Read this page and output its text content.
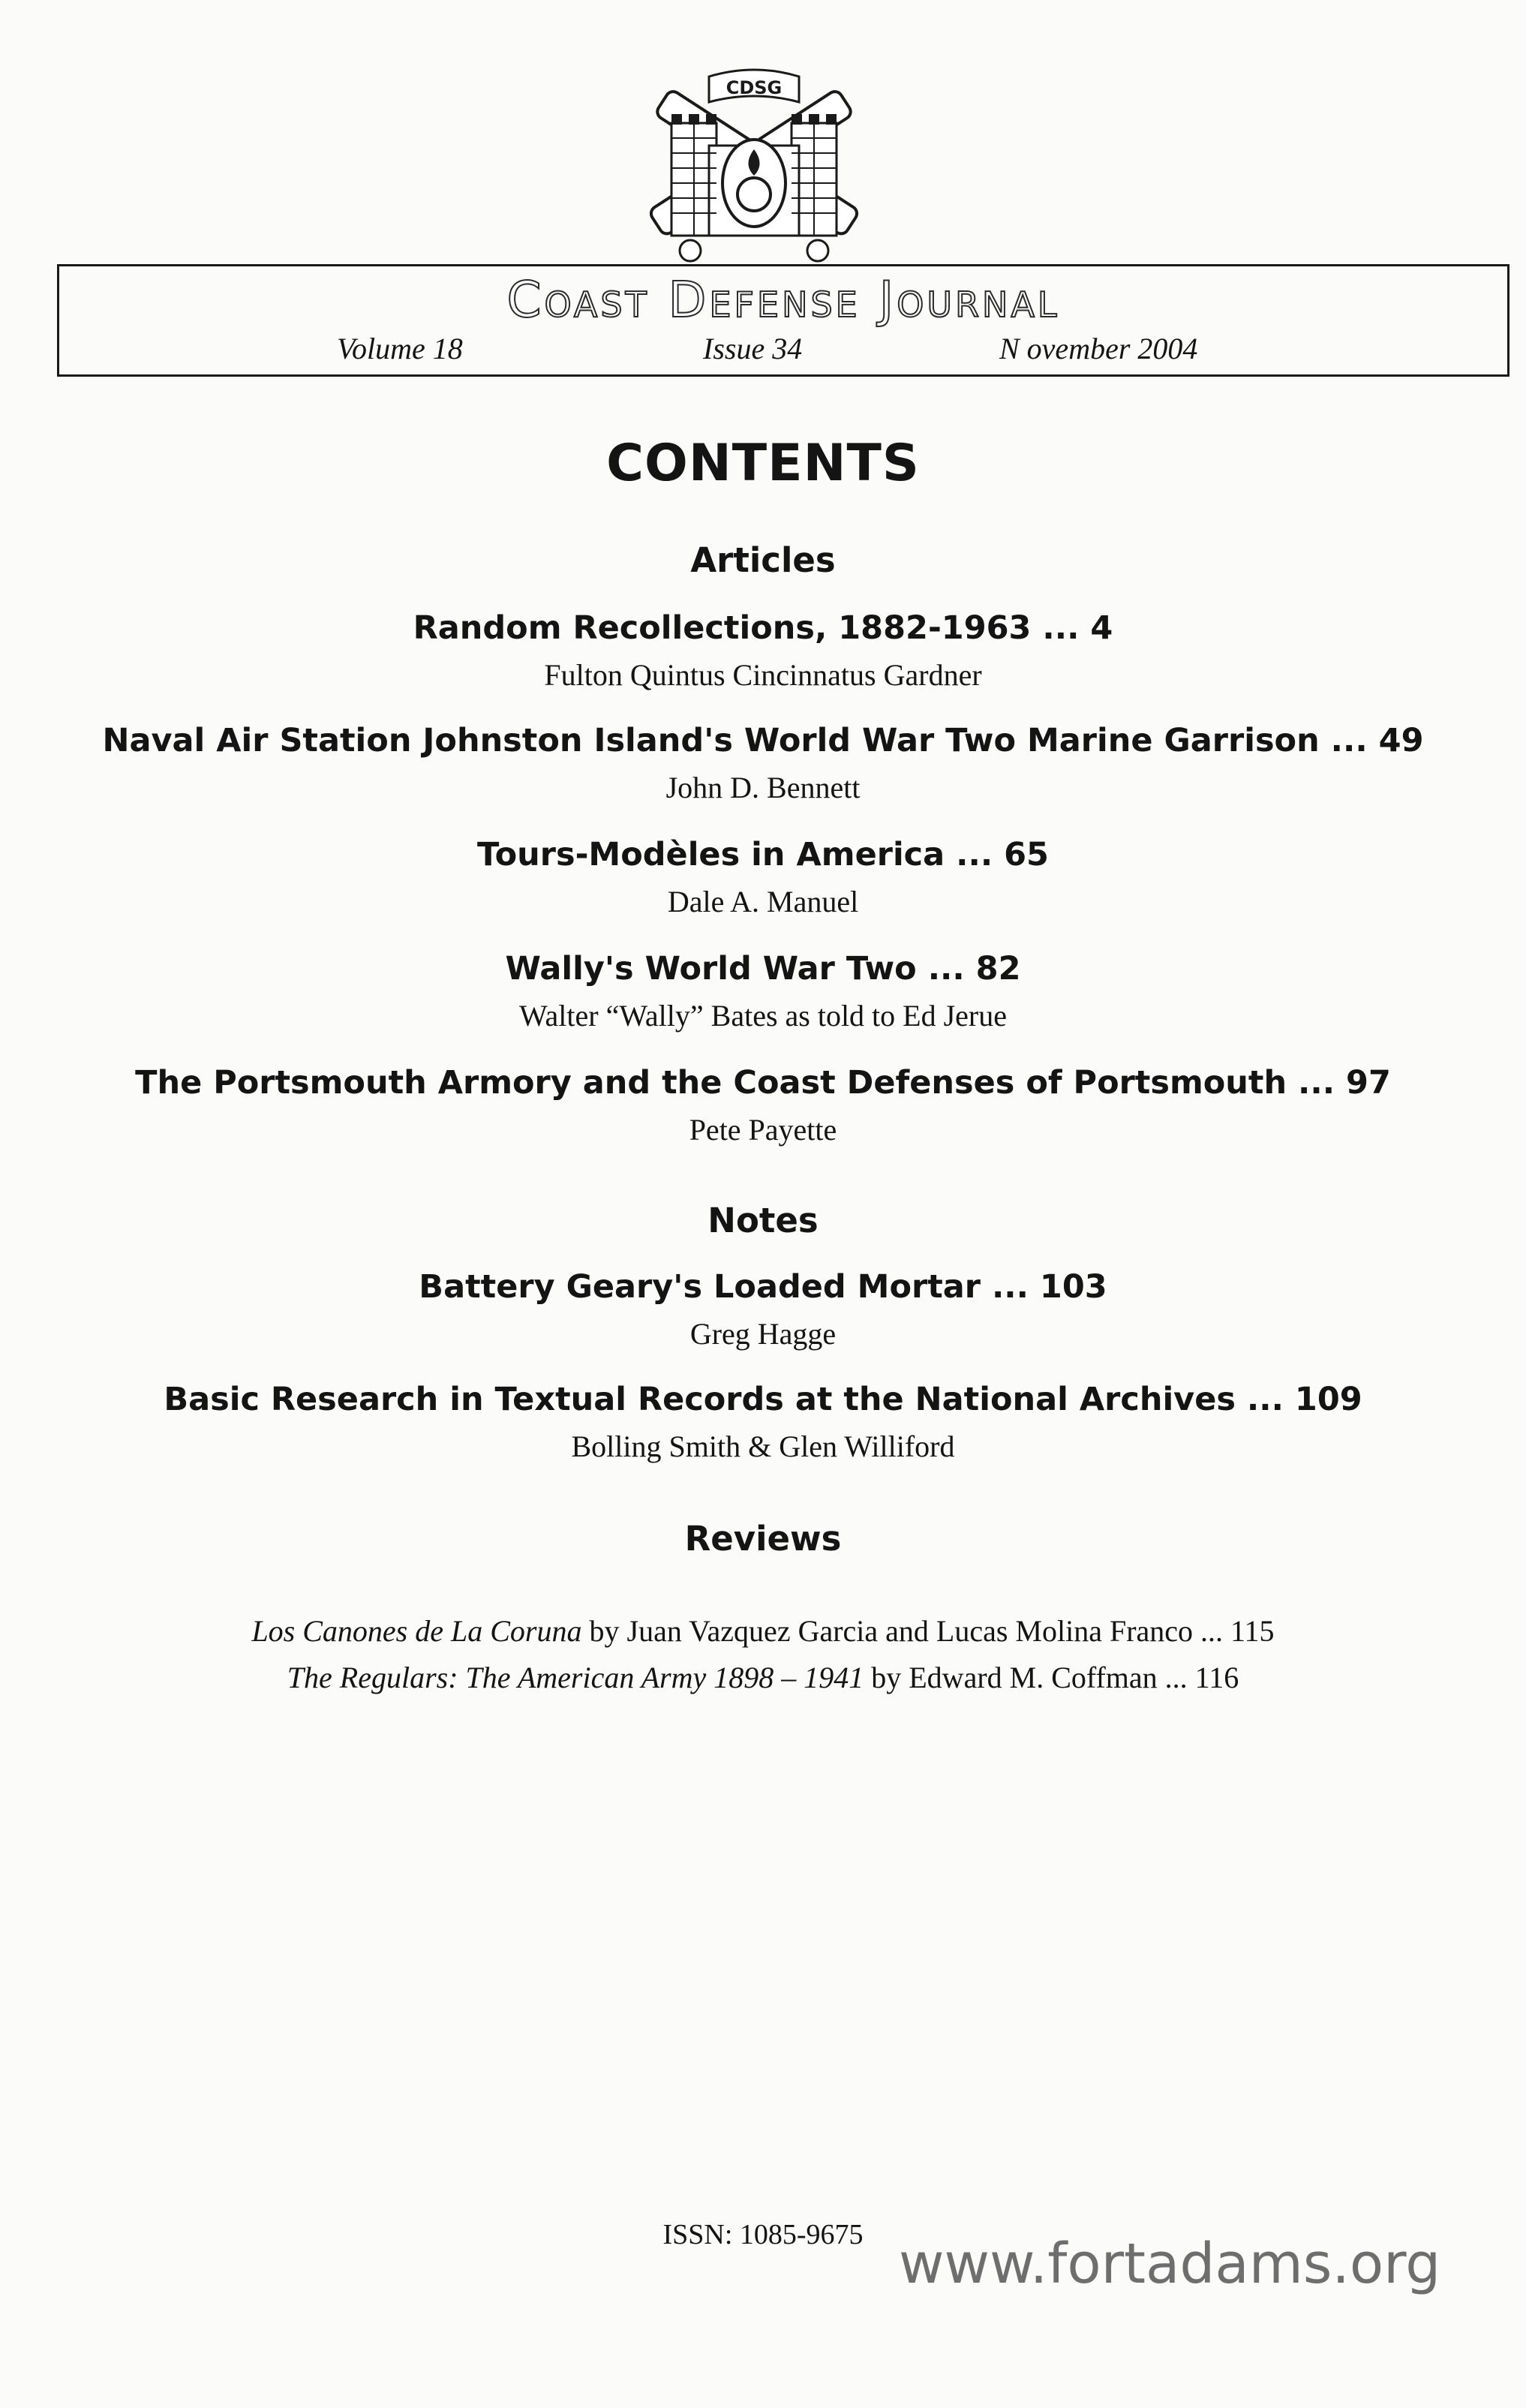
CDSG
Coast Defense Journal
Volume 18	Issue 34	N ovember 2004
CONTENTS
Articles
Random Recollections, 1882-1963 ... 4
Fulton Quintus Cincinnatus Gardner
Naval Air Station Johnston Island's World War Two Marine Garrison ... 49
John D. Bennett
Tours-Modèles in America ... 65
Dale A. Manuel
Wally's World War Two ... 82
Walter “Wally” Bates as told to Ed Jerue
The Portsmouth Armory and the Coast Defenses of Portsmouth ... 97
Pete Payette
Notes
Battery Geary's Loaded Mortar ... 103
Greg Hagge
Basic Research in Textual Records at the National Archives ... 109
Bolling Smith & Glen Williford
Reviews
Los Canones de La Coruna by Juan Vazquez Garcia and Lucas Molina Franco ... 115
The Regulars: The American Army 1898 – 1941 by Edward M. Coffman ... 116
ISSN: 1085-9675 www.fortadams.org
